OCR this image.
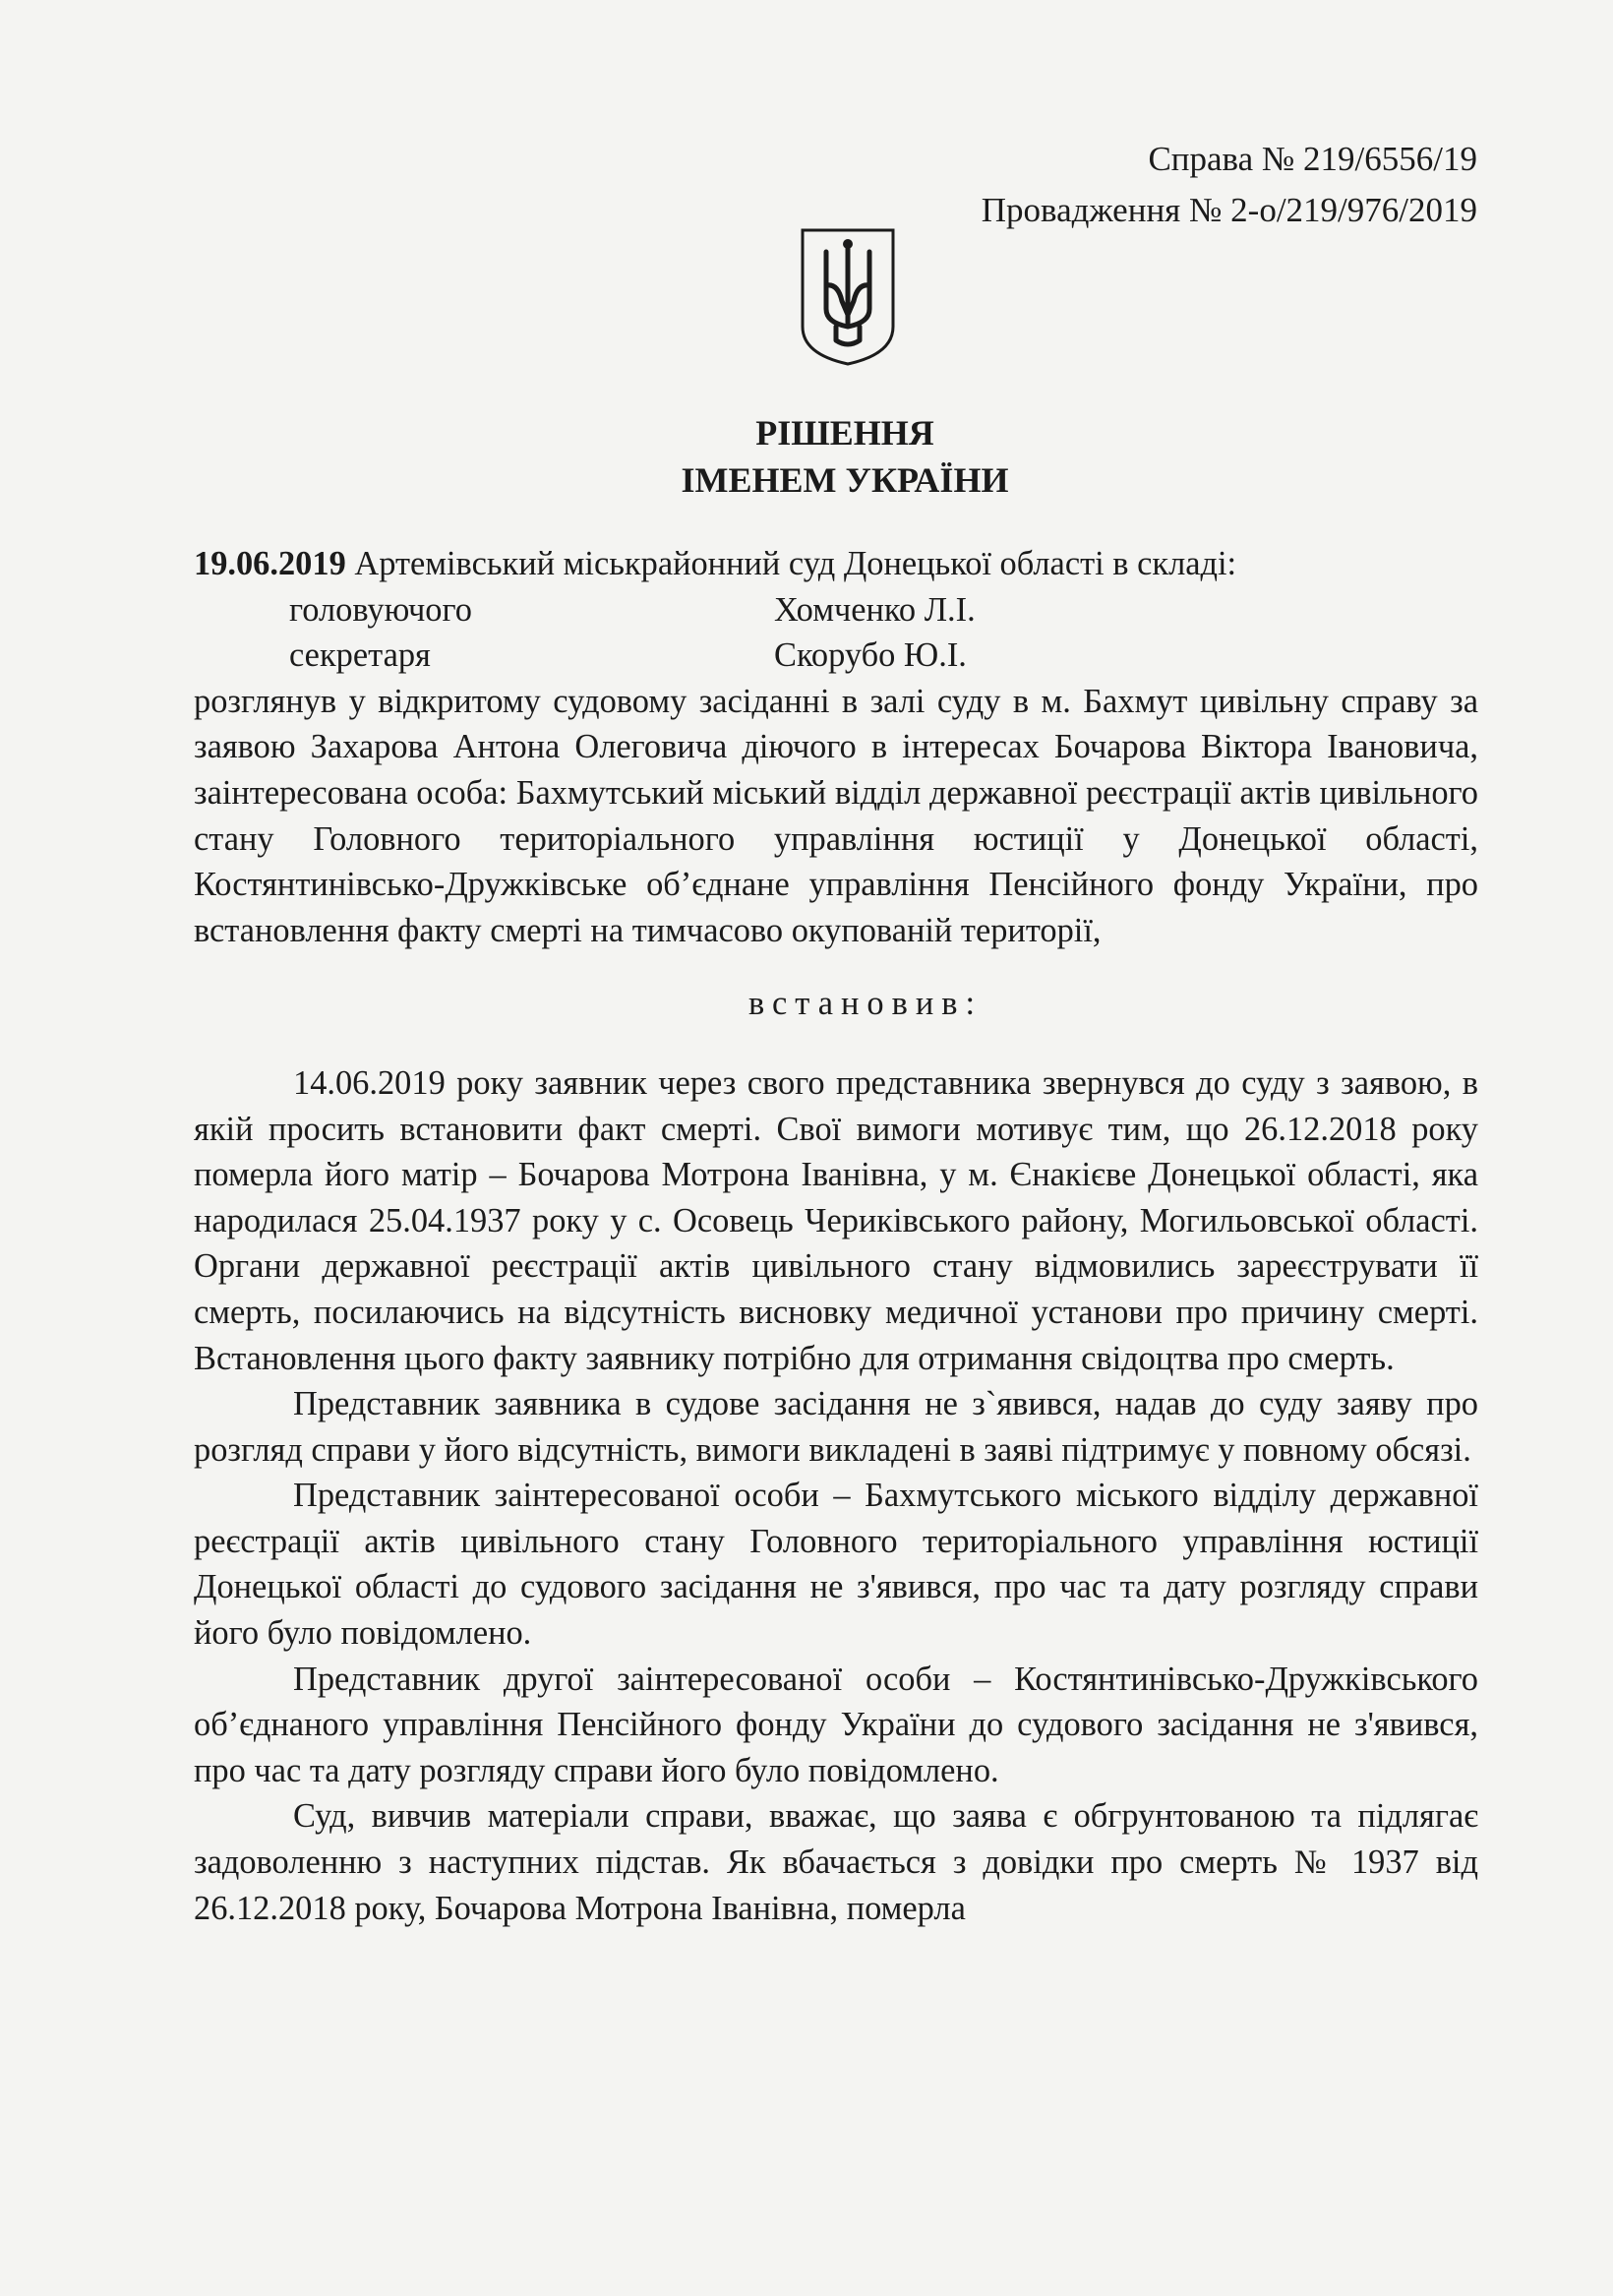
Справа № 219/6556/19
Провадження № 2-о/219/976/2019
РІШЕННЯ
ІМЕНЕМ УКРАЇНИ

19.06.2019 Артемівський міськрайонний суд Донецької області в складі:

головуючого	Хомченко Л.І.
секретаря	Скорубо Ю.І.

розглянув у відкритому судовому засіданні в залі суду в м. Бахмут цивільну справу за заявою Захарова Антона Олеговича діючого в інтересах Бочарова Віктора Івановича, заінтересована особа: Бахмутський міський відділ державної реєстрації актів цивільного стану Головного територіального управління юстиції у Донецької області, Костянтинівсько-Дружківське об’єднане управління Пенсійного фонду України, про встановлення факту смерті на тимчасово окупованій території,

встановив:

14.06.2019 року заявник через свого представника звернувся до суду з заявою, в якій просить встановити факт смерті. Свої вимоги мотивує тим, що 26.12.2018 року померла його матір – Бочарова Мотрона Іванівна, у м. Єнакієве Донецької області, яка народилася 25.04.1937 року у с. Осовець Чериківського району, Могильовської області. Органи державної реєстрації актів цивільного стану відмовились зареєструвати її смерть, посилаючись на відсутність висновку медичної установи про причину смерті. Встановлення цього факту заявнику потрібно для отримання свідоцтва про смерть.

Представник заявника в судове засідання не з`явився, надав до суду заяву про розгляд справи у його відсутність, вимоги викладені в заяві підтримує у повному обсязі.

Представник заінтересованої особи – Бахмутського міського відділу державної реєстрації актів цивільного стану Головного територіального управління юстиції Донецької області до судового засідання не з'явився, про час та дату розгляду справи його було повідомлено.

Представник другої заінтересованої особи – Костянтинівсько-Дружківського об’єднаного управління Пенсійного фонду України до судового засідання не з'явився, про час та дату розгляду справи його було повідомлено.

Суд, вивчив матеріали справи, вважає, що заява є обгрунтованою та підлягає задоволенню з наступних підстав. Як вбачається з довідки про смерть № 1937 від 26.12.2018 року, Бочарова Мотрона Іванівна, померла
